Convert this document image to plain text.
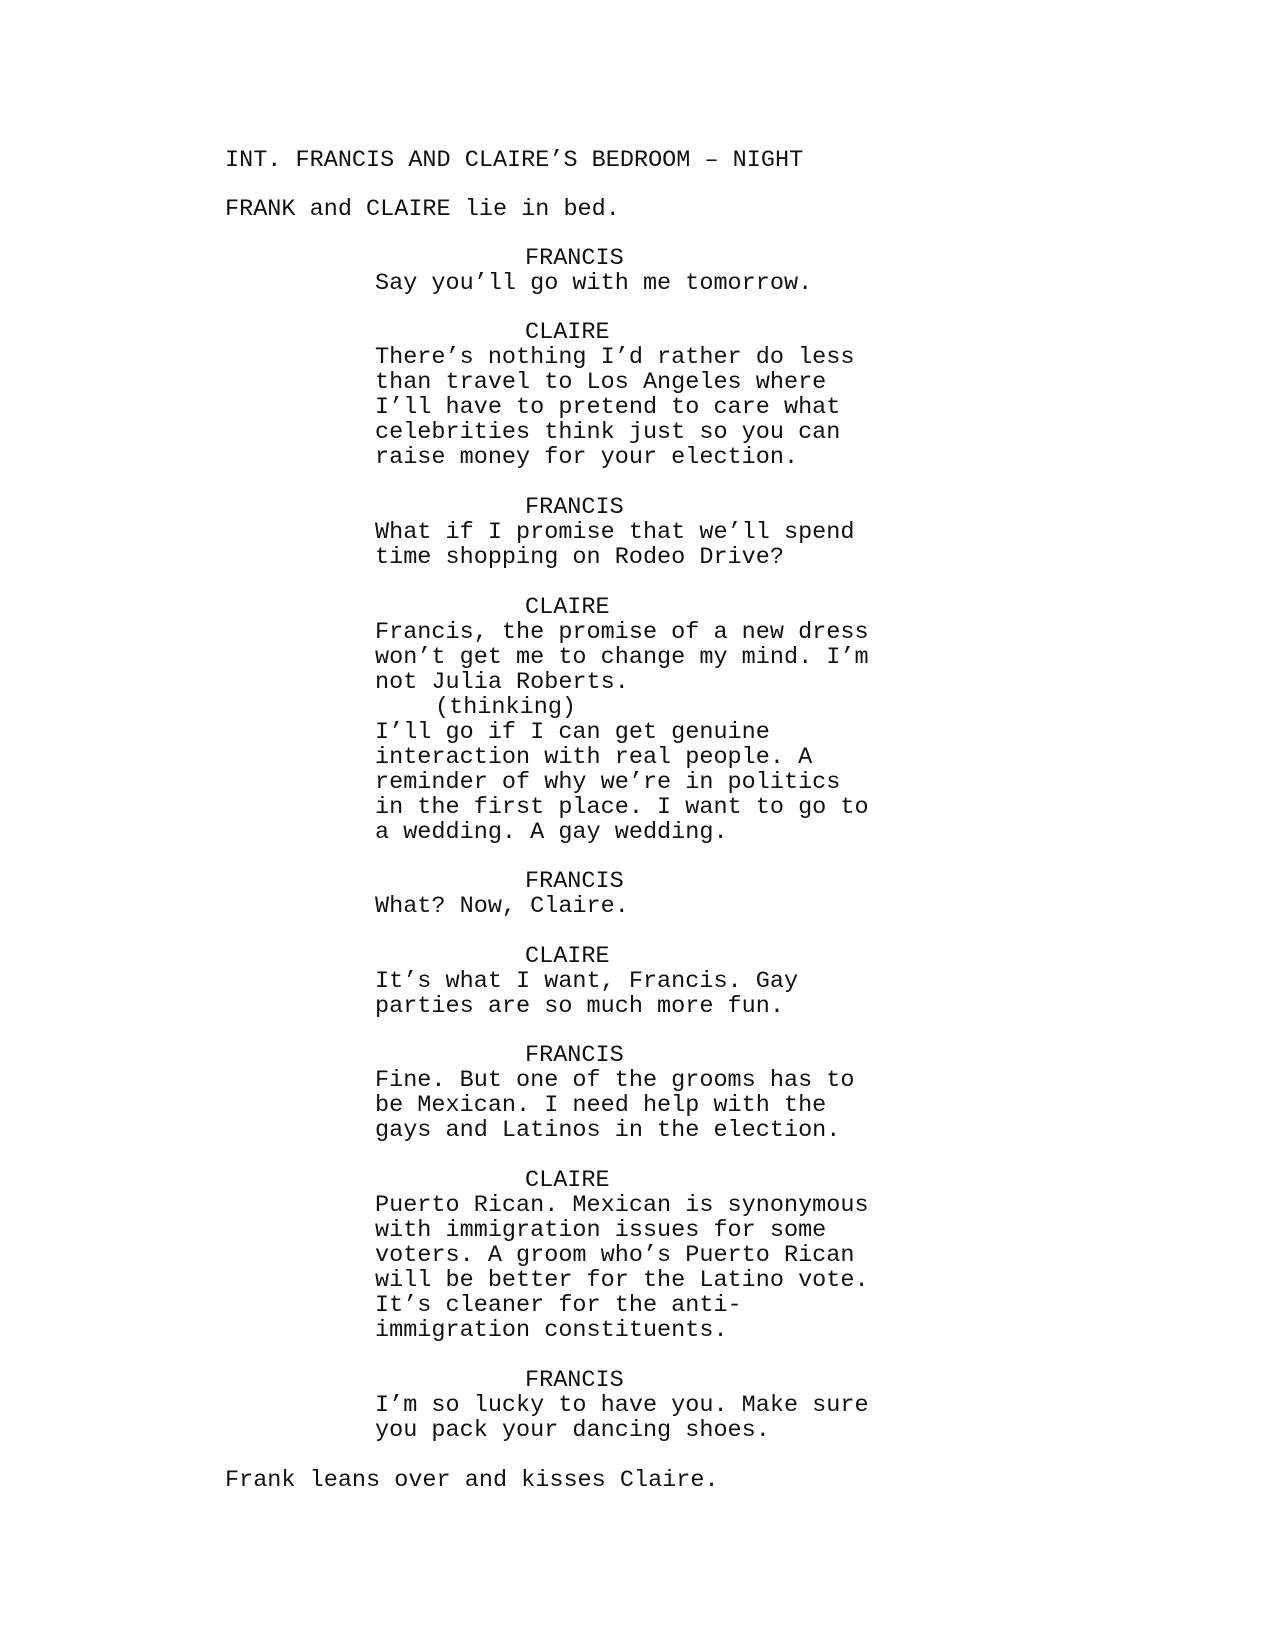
INT. FRANCIS AND CLAIRE’S BEDROOM – NIGHT

FRANK and CLAIRE lie in bed.

FRANCIS

Say you’ll go with me tomorrow.

CLAIRE

There’s nothing I’d rather do less

than travel to Los Angeles where

I’ll have to pretend to care what

celebrities think just so you can

raise money for your election.

FRANCIS

What if I promise that we’ll spend

time shopping on Rodeo Drive?

CLAIRE

Francis, the promise of a new dress

won’t get me to change my mind. I’m

not Julia Roberts.

(thinking)

I’ll go if I can get genuine

interaction with real people. A

reminder of why we’re in politics

in the first place. I want to go to

a wedding. A gay wedding.

FRANCIS

What? Now, Claire.

CLAIRE

It’s what I want, Francis. Gay

parties are so much more fun.

FRANCIS

Fine. But one of the grooms has to

be Mexican. I need help with the

gays and Latinos in the election.

CLAIRE

Puerto Rican. Mexican is synonymous

with immigration issues for some

voters. A groom who’s Puerto Rican

will be better for the Latino vote.

It’s cleaner for the anti-

immigration constituents.

FRANCIS

I’m so lucky to have you. Make sure

you pack your dancing shoes.

Frank leans over and kisses Claire.
